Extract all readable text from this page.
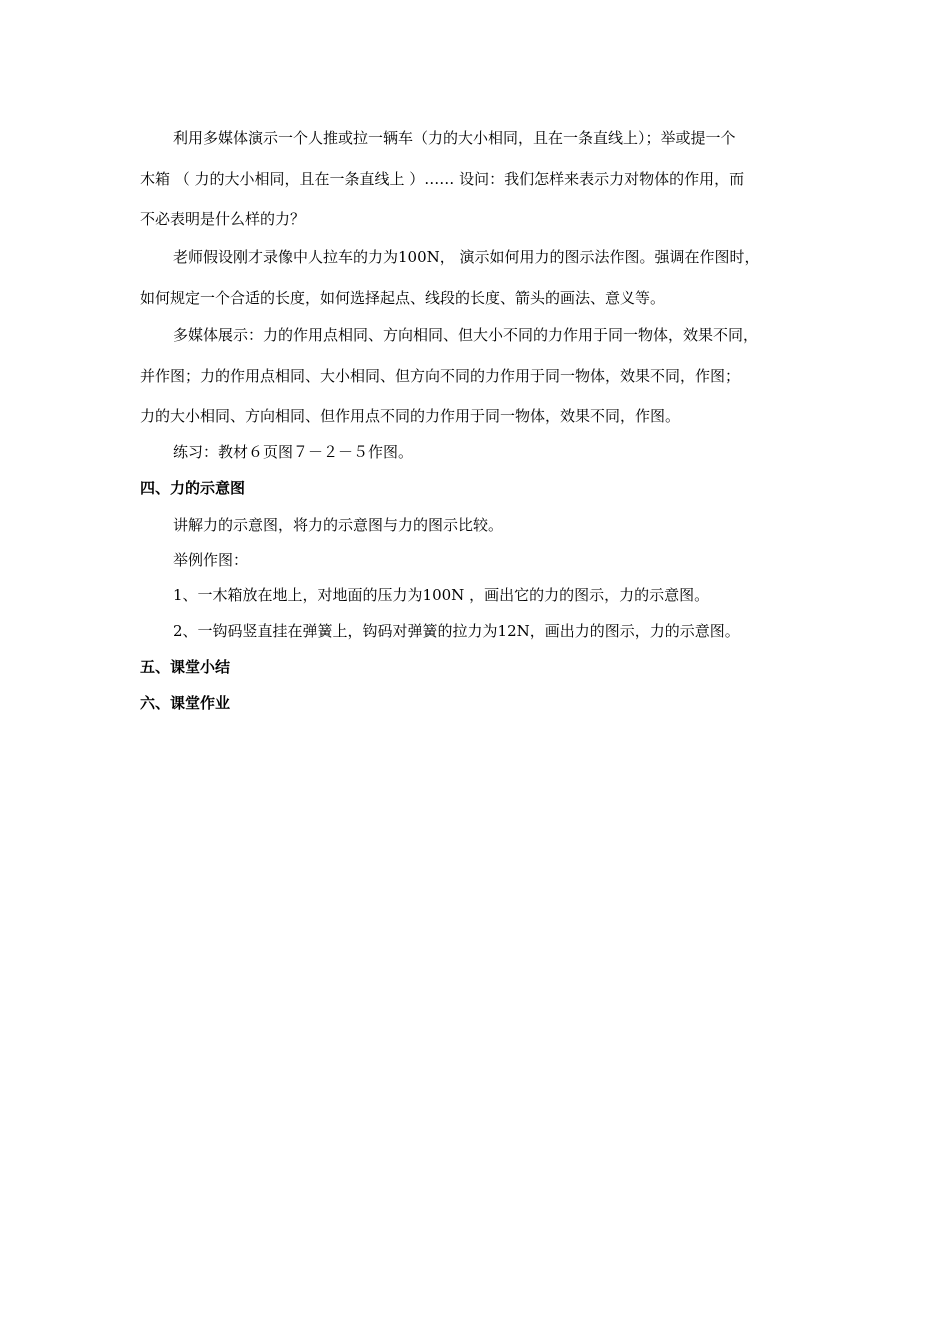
利用多媒体演示一个人推或拉一辆车（力的大小相同，且在一条直线上）；举或提一个
木箱 （ 力的大小相同，且在一条直线上 ）…… 设问：我们怎样来表示力对物体的作用，而
不必表明是什么样的力？
老师假设刚才录像中人拉车的力为100N， 演示如何用力的图示法作图。强调在作图时，
如何规定一个合适的长度，如何选择起点、线段的长度、箭头的画法、意义等。
多媒体展示：力的作用点相同、方向相同、但大小不同的力作用于同一物体，效果不同，
并作图；力的作用点相同、大小相同、但方向不同的力作用于同一物体，效果不同，作图；
力的大小相同、方向相同、但作用点不同的力作用于同一物体，效果不同，作图。
练习：教材６页图７－２－５作图。
四、力的示意图
讲解力的示意图，将力的示意图与力的图示比较。
举例作图：
1、一木箱放在地上，对地面的压力为100N ，画出它的力的图示，力的示意图。
2、一钩码竖直挂在弹簧上，钩码对弹簧的拉力为12N，画出力的图示，力的示意图。
五、课堂小结
六、课堂作业
